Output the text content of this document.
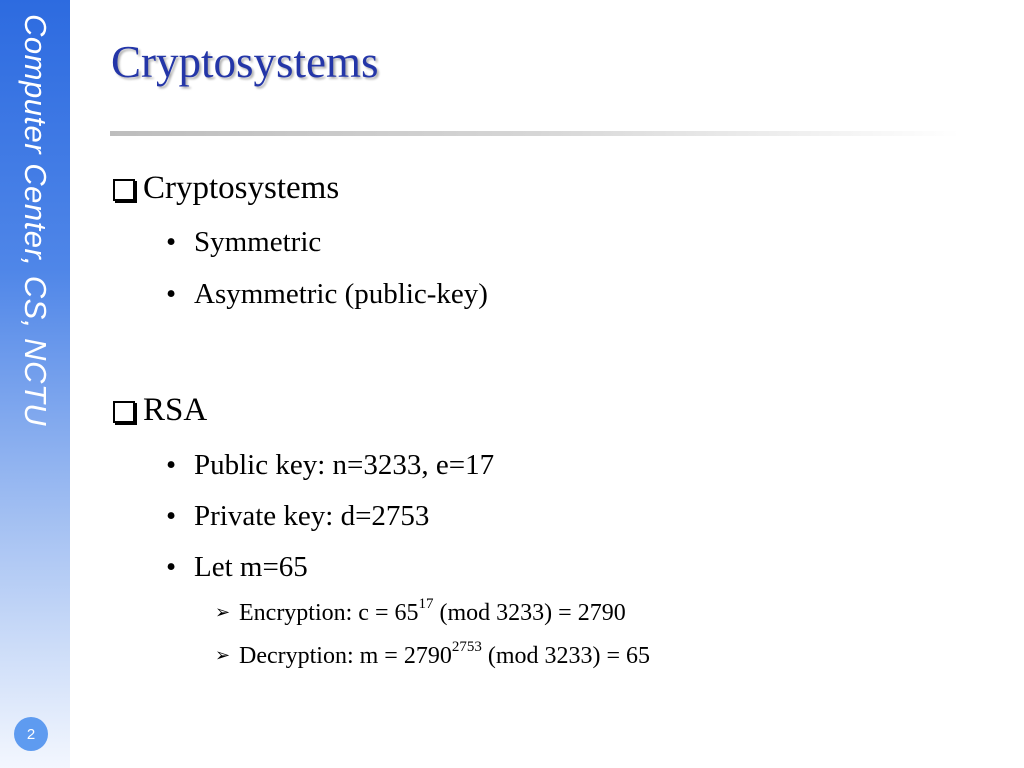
Computer Center, CS, NCTU
2
Cryptosystems
Cryptosystems
• Symmetric
• Asymmetric (public-key)
RSA
• Public key: n=3233, e=17
• Private key: d=2753
• Let m=65
➢ Encryption: $c = 65^{17}$ (mod 3233) = 2790
➢ Decryption: $m = 2790^{2753}$ (mod 3233) = 65
